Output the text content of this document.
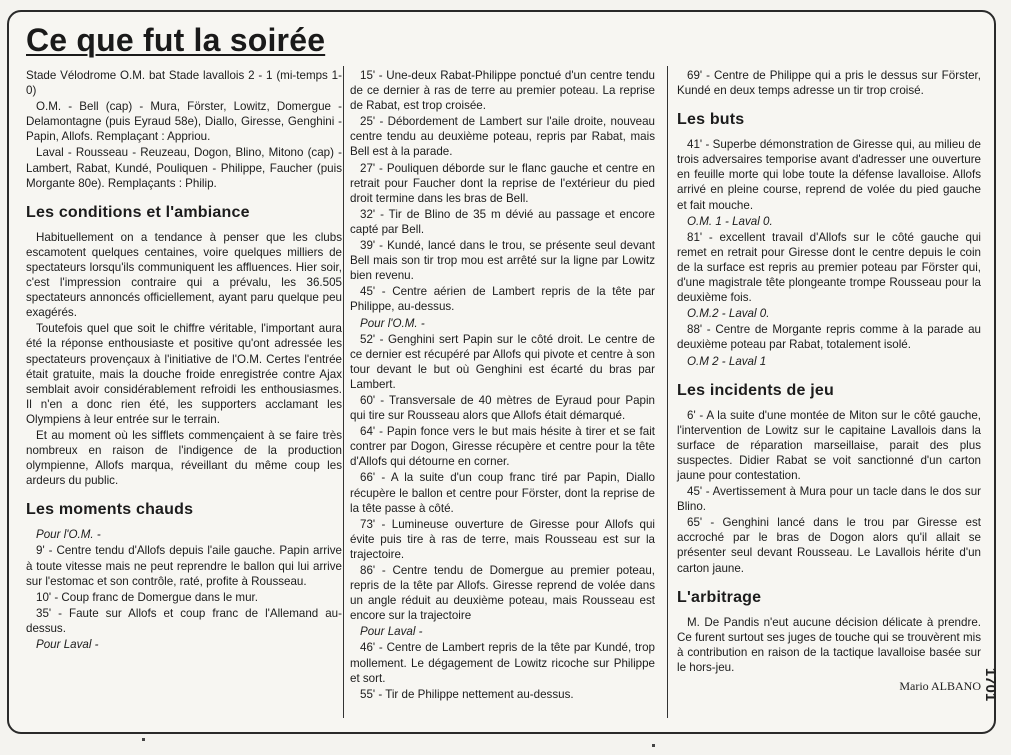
Ce que fut la soirée

Stade Vélodrome O.M. bat Stade lavallois 2 - 1 (mi-temps 1-0)

O.M. - Bell (cap) - Mura, Förster, Lowitz, Domergue - Delamontagne (puis Eyraud 58e), Diallo, Giresse, Genghini - Papin, Allofs. Remplaçant : Appriou.

Laval - Rousseau - Reuzeau, Dogon, Blino, Mitono (cap) - Lambert, Rabat, Kundé, Pouliquen - Philippe, Faucher (puis Morgante 80e). Remplaçants : Philip.

Les conditions et l'ambiance

Habituellement on a tendance à penser que les clubs escamotent quelques centaines, voire quelques milliers de spectateurs lorsqu'ils communiquent les affluences. Hier soir, c'est l'impression contraire qui a prévalu, les 36.505 spectateurs annoncés officiellement, ayant paru quelque peu exagérés.

Toutefois quel que soit le chiffre véritable, l'important aura été la réponse enthousiaste et positive qu'ont adressée les spectateurs provençaux à l'initiative de l'O.M. Certes l'entrée était gratuite, mais la douche froide enregistrée contre Ajax semblait avoir considérablement refroidi les enthousiasmes. Il n'en a donc rien été, les supporters acclamant les Olympiens à leur entrée sur le terrain.

Et au moment où les sifflets commençaient à se faire très nombreux en raison de l'indigence de la production olympienne, Allofs marqua, réveillant du même coup les ardeurs du public.

Les moments chauds

Pour l'O.M. -

9' - Centre tendu d'Allofs depuis l'aile gauche. Papin arrive à toute vitesse mais ne peut reprendre le ballon qui lui arrive sur l'estomac et son contrôle, raté, profite à Rousseau.

10' - Coup franc de Domergue dans le mur.

35' - Faute sur Allofs et coup franc de l'Allemand au-dessus.

Pour Laval -

15' - Une-deux Rabat-Philippe ponctué d'un centre tendu de ce dernier à ras de terre au premier poteau. La reprise de Rabat, est trop croisée.

25' - Débordement de Lambert sur l'aile droite, nouveau centre tendu au deuxième poteau, repris par Rabat, mais Bell est à la parade.

27' - Pouliquen déborde sur le flanc gauche et centre en retrait pour Faucher dont la reprise de l'extérieur du pied droit termine dans les bras de Bell.

32' - Tir de Blino de 35 m dévié au passage et encore capté par Bell.

39' - Kundé, lancé dans le trou, se présente seul devant Bell mais son tir trop mou est arrêté sur la ligne par Lowitz bien revenu.

45' - Centre aérien de Lambert repris de la tête par Philippe, au-dessus.

Pour l'O.M. -

52' - Genghini sert Papin sur le côté droit. Le centre de ce dernier est récupéré par Allofs qui pivote et centre à son tour devant le but où Genghini est écarté du bras par Lambert.

60' - Transversale de 40 mètres de Eyraud pour Papin qui tire sur Rousseau alors que Allofs était démarqué.

64' - Papin fonce vers le but mais hésite à tirer et se fait contrer par Dogon, Giresse récupère et centre pour la tête d'Allofs qui détourne en corner.

66' - A la suite d'un coup franc tiré par Papin, Diallo récupère le ballon et centre pour Förster, dont la reprise de la tête passe à côté.

73' - Lumineuse ouverture de Giresse pour Allofs qui évite puis tire à ras de terre, mais Rousseau est sur la trajectoire.

86' - Centre tendu de Domergue au premier poteau, repris de la tête par Allofs. Giresse reprend de volée dans un angle réduit au deuxième poteau, mais Rousseau est encore sur la trajectoire

Pour Laval -

46' - Centre de Lambert repris de la tête par Kundé, trop mollement. Le dégagement de Lowitz ricoche sur Philippe et sort.

55' - Tir de Philippe nettement au-dessus.

69' - Centre de Philippe qui a pris le dessus sur Förster, Kundé en deux temps adresse un tir trop croisé.

Les buts

41' - Superbe démonstration de Giresse qui, au milieu de trois adversaires temporise avant d'adresser une ouverture en feuille morte qui lobe toute la défense lavalloise. Allofs arrivé en pleine course, reprend de volée du pied gauche et fait mouche.

O.M. 1 - Laval 0.

81' - excellent travail d'Allofs sur le côté gauche qui remet en retrait pour Giresse dont le centre depuis le coin de la surface est repris au premier poteau par Förster qui, d'une magistrale tête plongeante trompe Rousseau pour la deuxième fois.

O.M.2 - Laval 0.

88' - Centre de Morgante repris comme à la parade au deuxième poteau par Rabat, totalement isolé.

O.M 2 - Laval 1

Les incidents de jeu

6' - A la suite d'une montée de Miton sur le côté gauche, l'intervention de Lowitz sur le capitaine Lavallois dans la surface de réparation marseillaise, parait des plus suspectes. Didier Rabat se voit sanctionné d'un carton jaune pour contestation.

45' - Avertissement à Mura pour un tacle dans le dos sur Blino.

65' - Genghini lancé dans le trou par Giresse est accroché par le bras de Dogon alors qu'il allait se présenter seul devant Rousseau. Le Lavallois hérite d'un carton jaune.

L'arbitrage

M. De Pandis n'eut aucune décision délicate à prendre. Ce furent surtout ses juges de touche qui se trouvèrent mis à contribution en raison de la tactique lavalloise basée sur le hors-jeu.

Mario ALBANO 1701
